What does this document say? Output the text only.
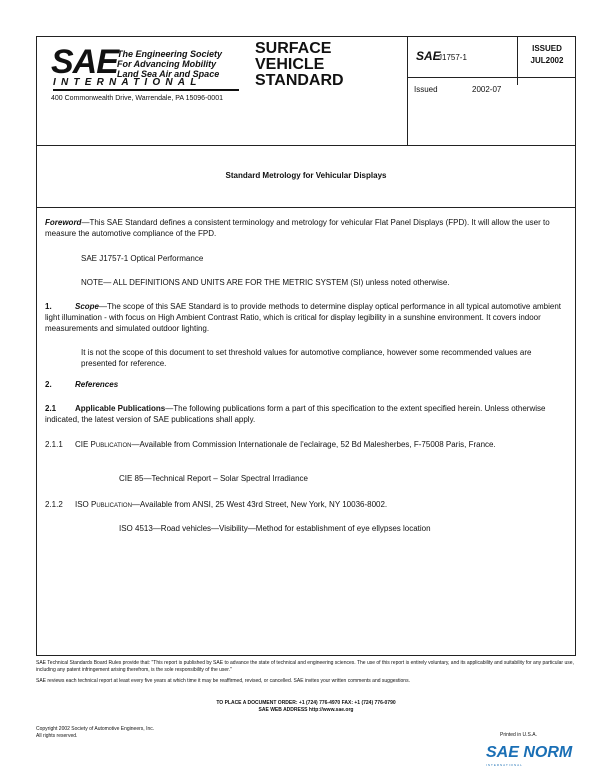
SAE The Engineering Society
For Advancing Mobility
Land Sea Air and Space
INTERNATIONAL
400 Commonwealth Drive, Warrendale, PA 15096-0001
SURFACE
VEHICLE
STANDARD
SAE
J1757-1
Issued	2002-07
ISSUED
JUL2002
Standard Metrology for Vehicular Displays
Foreword—This SAE Standard defines a consistent terminology and metrology for vehicular Flat Panel Displays (FPD). It will allow the user to measure the automotive compliance of the FPD.
SAE J1757-1 Optical Performance
NOTE— ALL DEFINITIONS AND UNITS ARE FOR THE METRIC SYSTEM (SI) unless noted otherwise.
1.	Scope—The scope of this SAE Standard is to provide methods to determine display optical performance in all typical automotive ambient light illumination - with focus on High Ambient Contrast Ratio, which is critical for display legibility in a sunshine environment. It covers indoor measurements and simulated outdoor lighting.
It is not the scope of this document to set threshold values for automotive compliance, however some recommended values are presented for reference.
2.	References
2.1 Applicable Publications—The following publications form a part of this specification to the extent specified herein. Unless otherwise indicated, the latest version of SAE publications shall apply.
2.1.1 CIE Publication—Available from Commission Internationale de l'eclairage, 52 Bd Malesherbes, F-75008 Paris, France.
CIE 85—Technical Report – Solar Spectral Irradiance
2.1.2 ISO Publication—Available from ANSI, 25 West 43rd Street, New York, NY 10036-8002.
ISO 4513—Road vehicles—Visibility—Method for establishment of eye ellypses location

SAE Technical Standards Board Rules provide that: "This report is published by SAE to advance the state of technical and engineering sciences. The use of this report is entirely voluntary, and its applicability and suitability for any particular use, including any patent infringement arising therefrom, is the sole responsibility of the user."

SAE reviews each technical report at least every five years at which time it may be reaffirmed, revised, or cancelled. SAE invites your written comments and suggestions.

TO PLACE A DOCUMENT ORDER: +1 (724) 776-4970 FAX: +1 (724) 776-0790
SAE WEB ADDRESS http://www.sae.org
Copyright 2002 Society of Automotive Engineers, Inc.
All rights reserved.	Printed in U.S.A.
SAE NORM
INTERNATIONAL
